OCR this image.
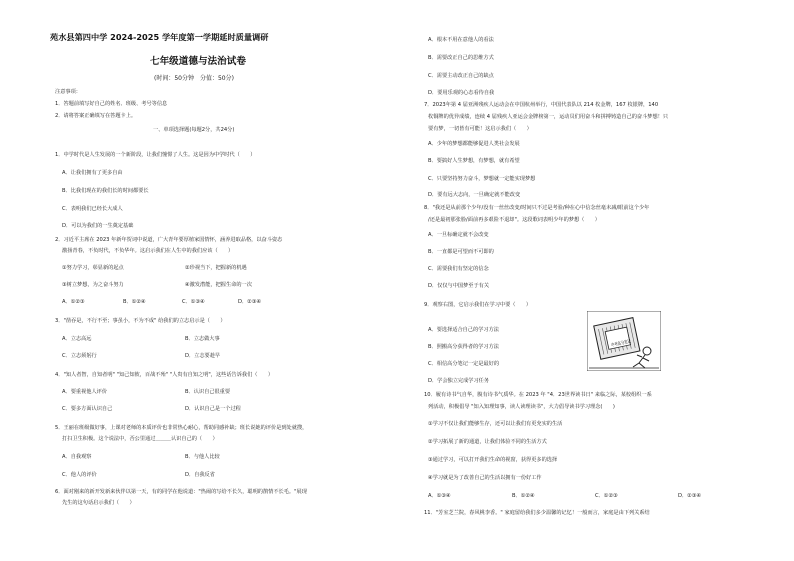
苑水县第四中学 2024-2025 学年度第一学期延时质量调研
七年级道德与法治试卷
(时间：50分钟　分值：50分)
注意事项：
1．答题前填写好自己的姓名、班级、考号等信息
2．请将答案正确填写在答题卡上。
一、单项选择题(每题2分，共24分)
1．中学时代是人生发展的一个新阶段，让我们憧憬了人生。这是因为中学时代（　　）
A．让我们拥有了更多自由
B．比我们现在的我们长的时间都要长
C．表明我们已经长大成人
D．可以为我们的一生奠定基础
2．习近平主席在 2023 年新年贺词中说道，广大青年要厚植家国情怀，涵养进取品格，以奋斗姿态
激扬青春，不负时代，不负华年。这启示我们在人生中的我们应该（　　）
①努力学习，彰显新的起点	②珍视当下，把握新的机遇
③树立梦想，为之奋斗努力	④激发潜能，把握生命的一次
A．①②③	B．①②④	C．①③④	D．②③④
3．"凿吞是，不行不至；事虽小，不为不成" 给我们的立志启示是（　　）
A．立志高远	B．立志做大事
C．立志须躬行	D．立志要趁早
4．"知人者智，自知者明" "知己知彼，百战不殆" "人贵有自知之明"，这些话告诉我们（　　）
A．要重视他人评价	B．认识自己很重要
C．要多方面认识自己	D．认识自己是一个过程
5．王丽在班级做好事，上课对老师的本质评价也非常热心耐心，帮助同感补缺；班长说她的评价是到处就搜，
打扫卫生积极。这个说法中，否公里通过＿＿＿认识自己的（　　）
A．自我观察	B．与他人比较
C．他人的评价	D．自我反省
6．面对刚来的新开发新来伙伴以第一天，有的同学在他说道："热闹的写给不长久，聪明的鹊情不长毛。"展现
先生的这句话启示我们（　　）
A．根本不用在意他人的看法
B．需要改正自己的思维方式
C．需要主动改正自己的缺点
D．要用乐观的心态看待自我
7．2023年第 4 届亚洲残疾人运动会在中国杭州举行，中国代表队以 214 枚金牌，167 枚银牌，140
枚铜牌的优异成绩，连续 4 届残疾人亚运会金牌榜第一，运动员们用奋斗和拼搏铸造自己的奋斗梦想！只
要有梦，一切皆有可能！这启示我们（　　）
A．少年的梦想都能够促进人类社会发展
B．要搞好人生梦想，有梦想，就有希望
C．只要坚持努力奋斗，梦想就一定能实现梦想
D．要有远大志向，一旦确定就不能改变
8．"我还是从前那个少年/没有一丝丝改变/时间只不过是考验/种在心中信念丝毫未减/眼前这个少年
/还是最初那张脸/面前再多艰险不退却"。这段歌词表明少年的梦想（　　）
A．一旦标确定就不会改变
B．一直都是可望而不可即的
C．需要我们有坚定的信念
D．仅仅与中国梦至于有关
9．观察右图，它启示我们在学习中要（　　）
A．要选择适合自己的学习方法
B．照搬高分获得者的学习方法
C．相信高分笔记一定是最好的
D．学会独立完成学习任务
10．履有诗书气自华，腹有诗书气质华。在 2023 年 "4．23世界读书日" 来临之际，某校组织一系
列活动，积极倡导 "知入知理知事，读人读理读书"，大力倡导读书学习理念(　　)
①学习不仅让我们能够生存，还可以让我们有更充实的生活
②学习拓展了新的通道，让我们体验不同的生活方式
③通过学习，可以打开我们生命的视窗，获得更多的选择
④学习就是为了改善自己的生活以拥有一份好工作
A．①③④	B．①②④	C．①②③	D．②③④
11．"芳室芝兰院，春风桃李香。" 家庭留给我们多少温馨的记忆！一般而言，家庭是由下列关系结
中考高分笔记
